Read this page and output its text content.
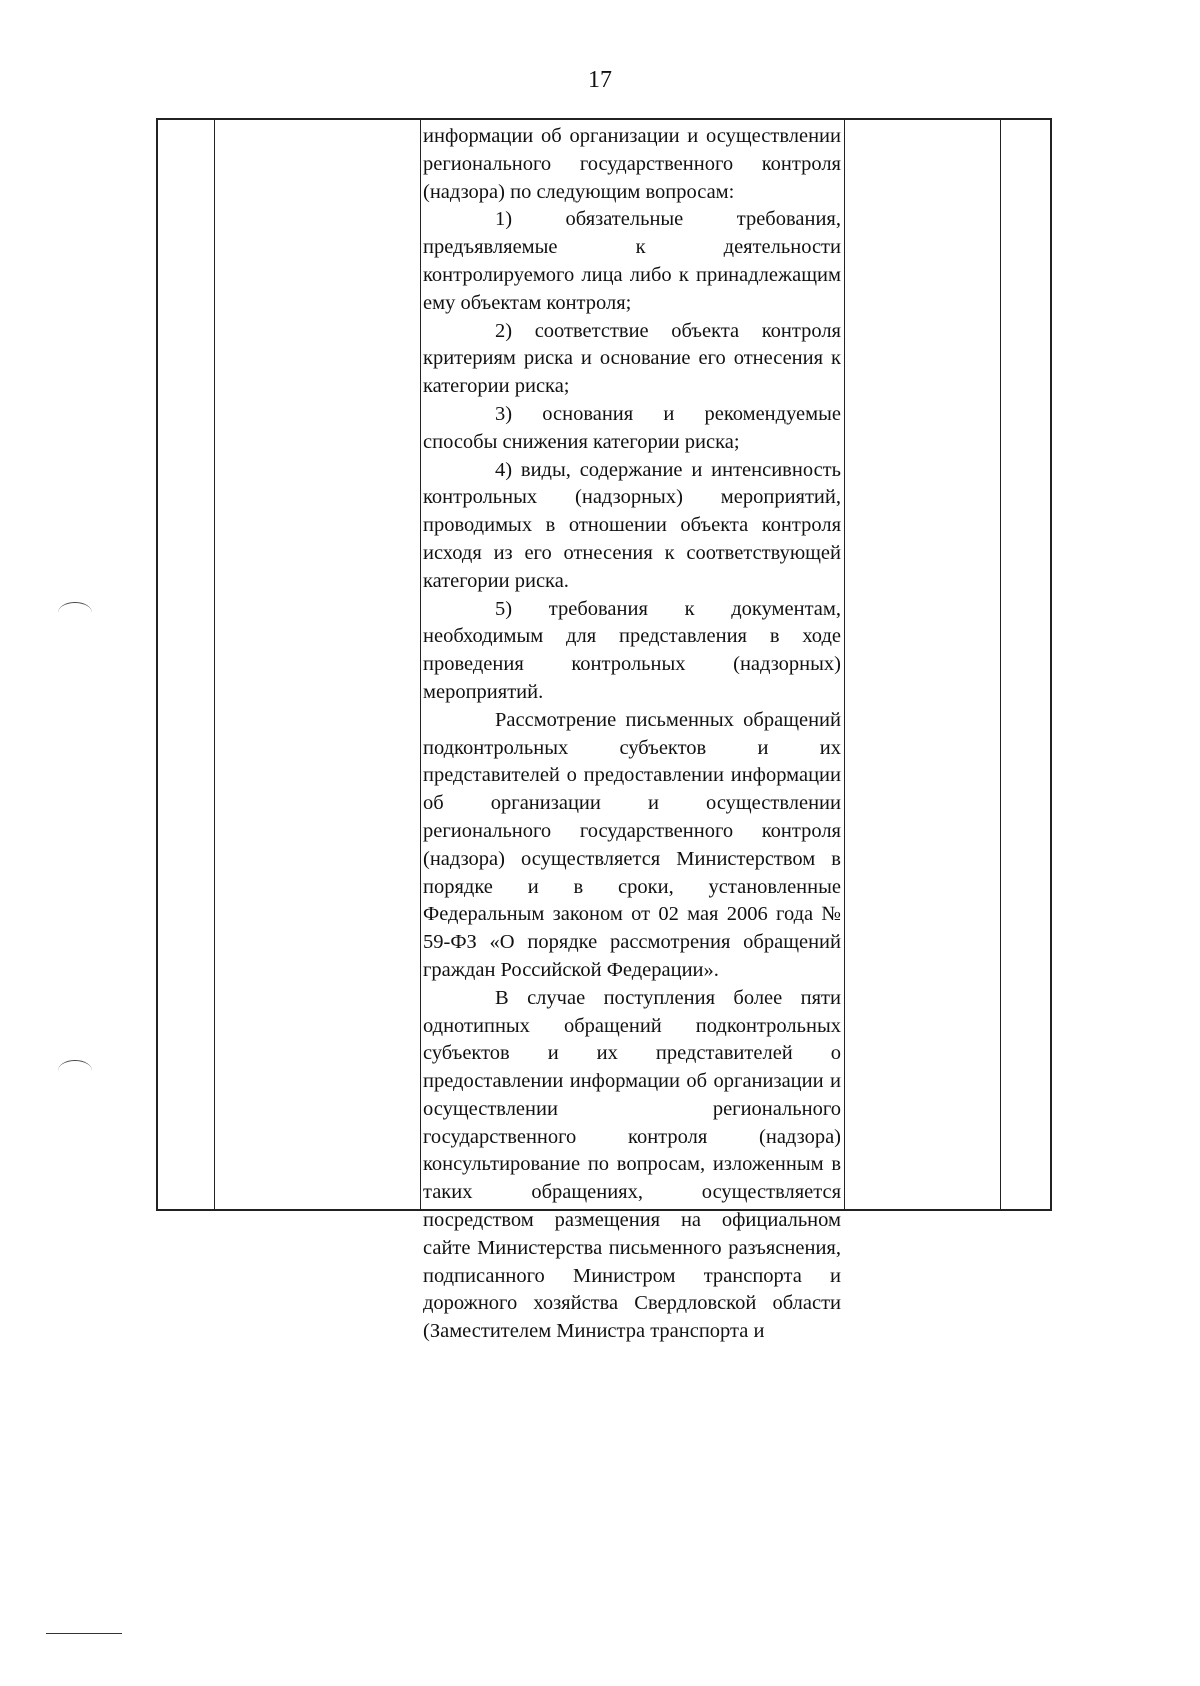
17

информации об организации и осуществлении регионального государственного контроля (надзора) по следующим вопросам:

1) обязательные требования, предъявляемые к деятельности контролируемого лица либо к принадлежащим ему объектам контроля;

2) соответствие объекта контроля критериям риска и основание его отнесения к категории риска;

3) основания и рекомендуемые способы снижения категории риска;

4) виды, содержание и интенсивность контрольных (надзорных) мероприятий, проводимых в отношении объекта контроля исходя из его отнесения к соответствующей категории риска.

5) требования к документам, необходимым для представления в ходе проведения контрольных (надзорных) мероприятий.

Рассмотрение письменных обращений подконтрольных субъектов и их представителей о предоставлении информации об организации и осуществлении регионального государственного контроля (надзора) осуществляется Министерством в порядке и в сроки, установленные Федеральным законом от 02 мая 2006 года № 59-ФЗ «О порядке рассмотрения обращений граждан Российской Федерации».

В случае поступления более пяти однотипных обращений подконтрольных субъектов и их представителей о предоставлении информации об организации и осуществлении регионального государственного контроля (надзора) консультирование по вопросам, изложенным в таких обращениях, осуществляется посредством размещения на официальном сайте Министерства письменного разъяснения, подписанного Министром транспорта и дорожного хозяйства Свердловской области (Заместителем Министра транспорта и
